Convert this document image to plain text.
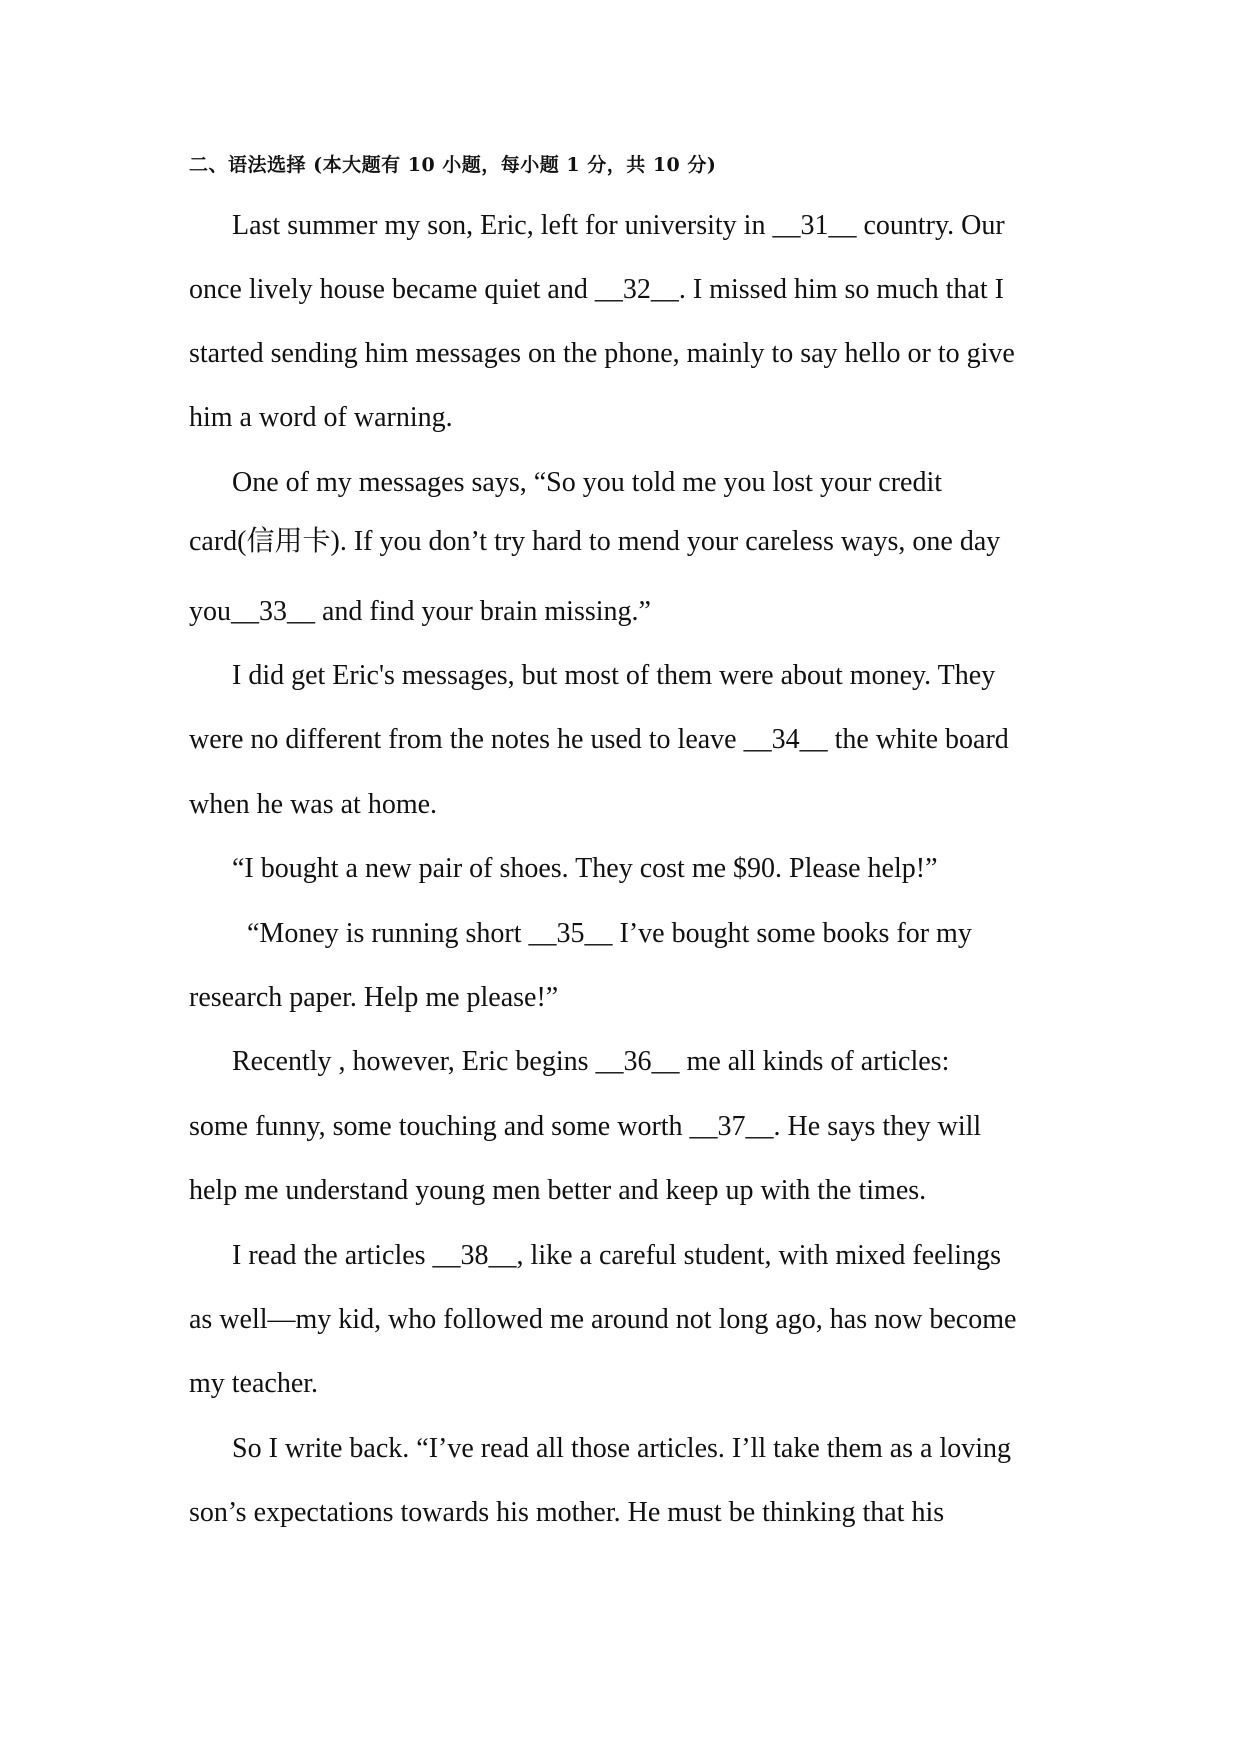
二、语法选择 (本大题有 10 小题，每小题 1 分，共 10 分)
Last summer my son, Eric, left for university in __31__ country. Our
once lively house became quiet and __32__. I missed him so much that I
started sending him messages on the phone, mainly to say hello or to give
him a word of warning.
One of my messages says, “So you told me you lost your credit
card(信用卡). If you don’t try hard to mend your careless ways, one day
you__33__ and find your brain missing.”
I did get Eric's messages, but most of them were about money. They
were no different from the notes he used to leave __34__ the white board
when he was at home.
“I bought a new pair of shoes. They cost me $90. Please help!”
“Money is running short __35__ I’ve bought some books for my
research paper. Help me please!”
Recently , however, Eric begins __36__ me all kinds of articles:
some funny, some touching and some worth __37__. He says they will
help me understand young men better and keep up with the times.
I read the articles __38__, like a careful student, with mixed feelings
as well—my kid, who followed me around not long ago, has now become
my teacher.
So I write back. “I’ve read all those articles. I’ll take them as a loving
son’s expectations towards his mother. He must be thinking that his
